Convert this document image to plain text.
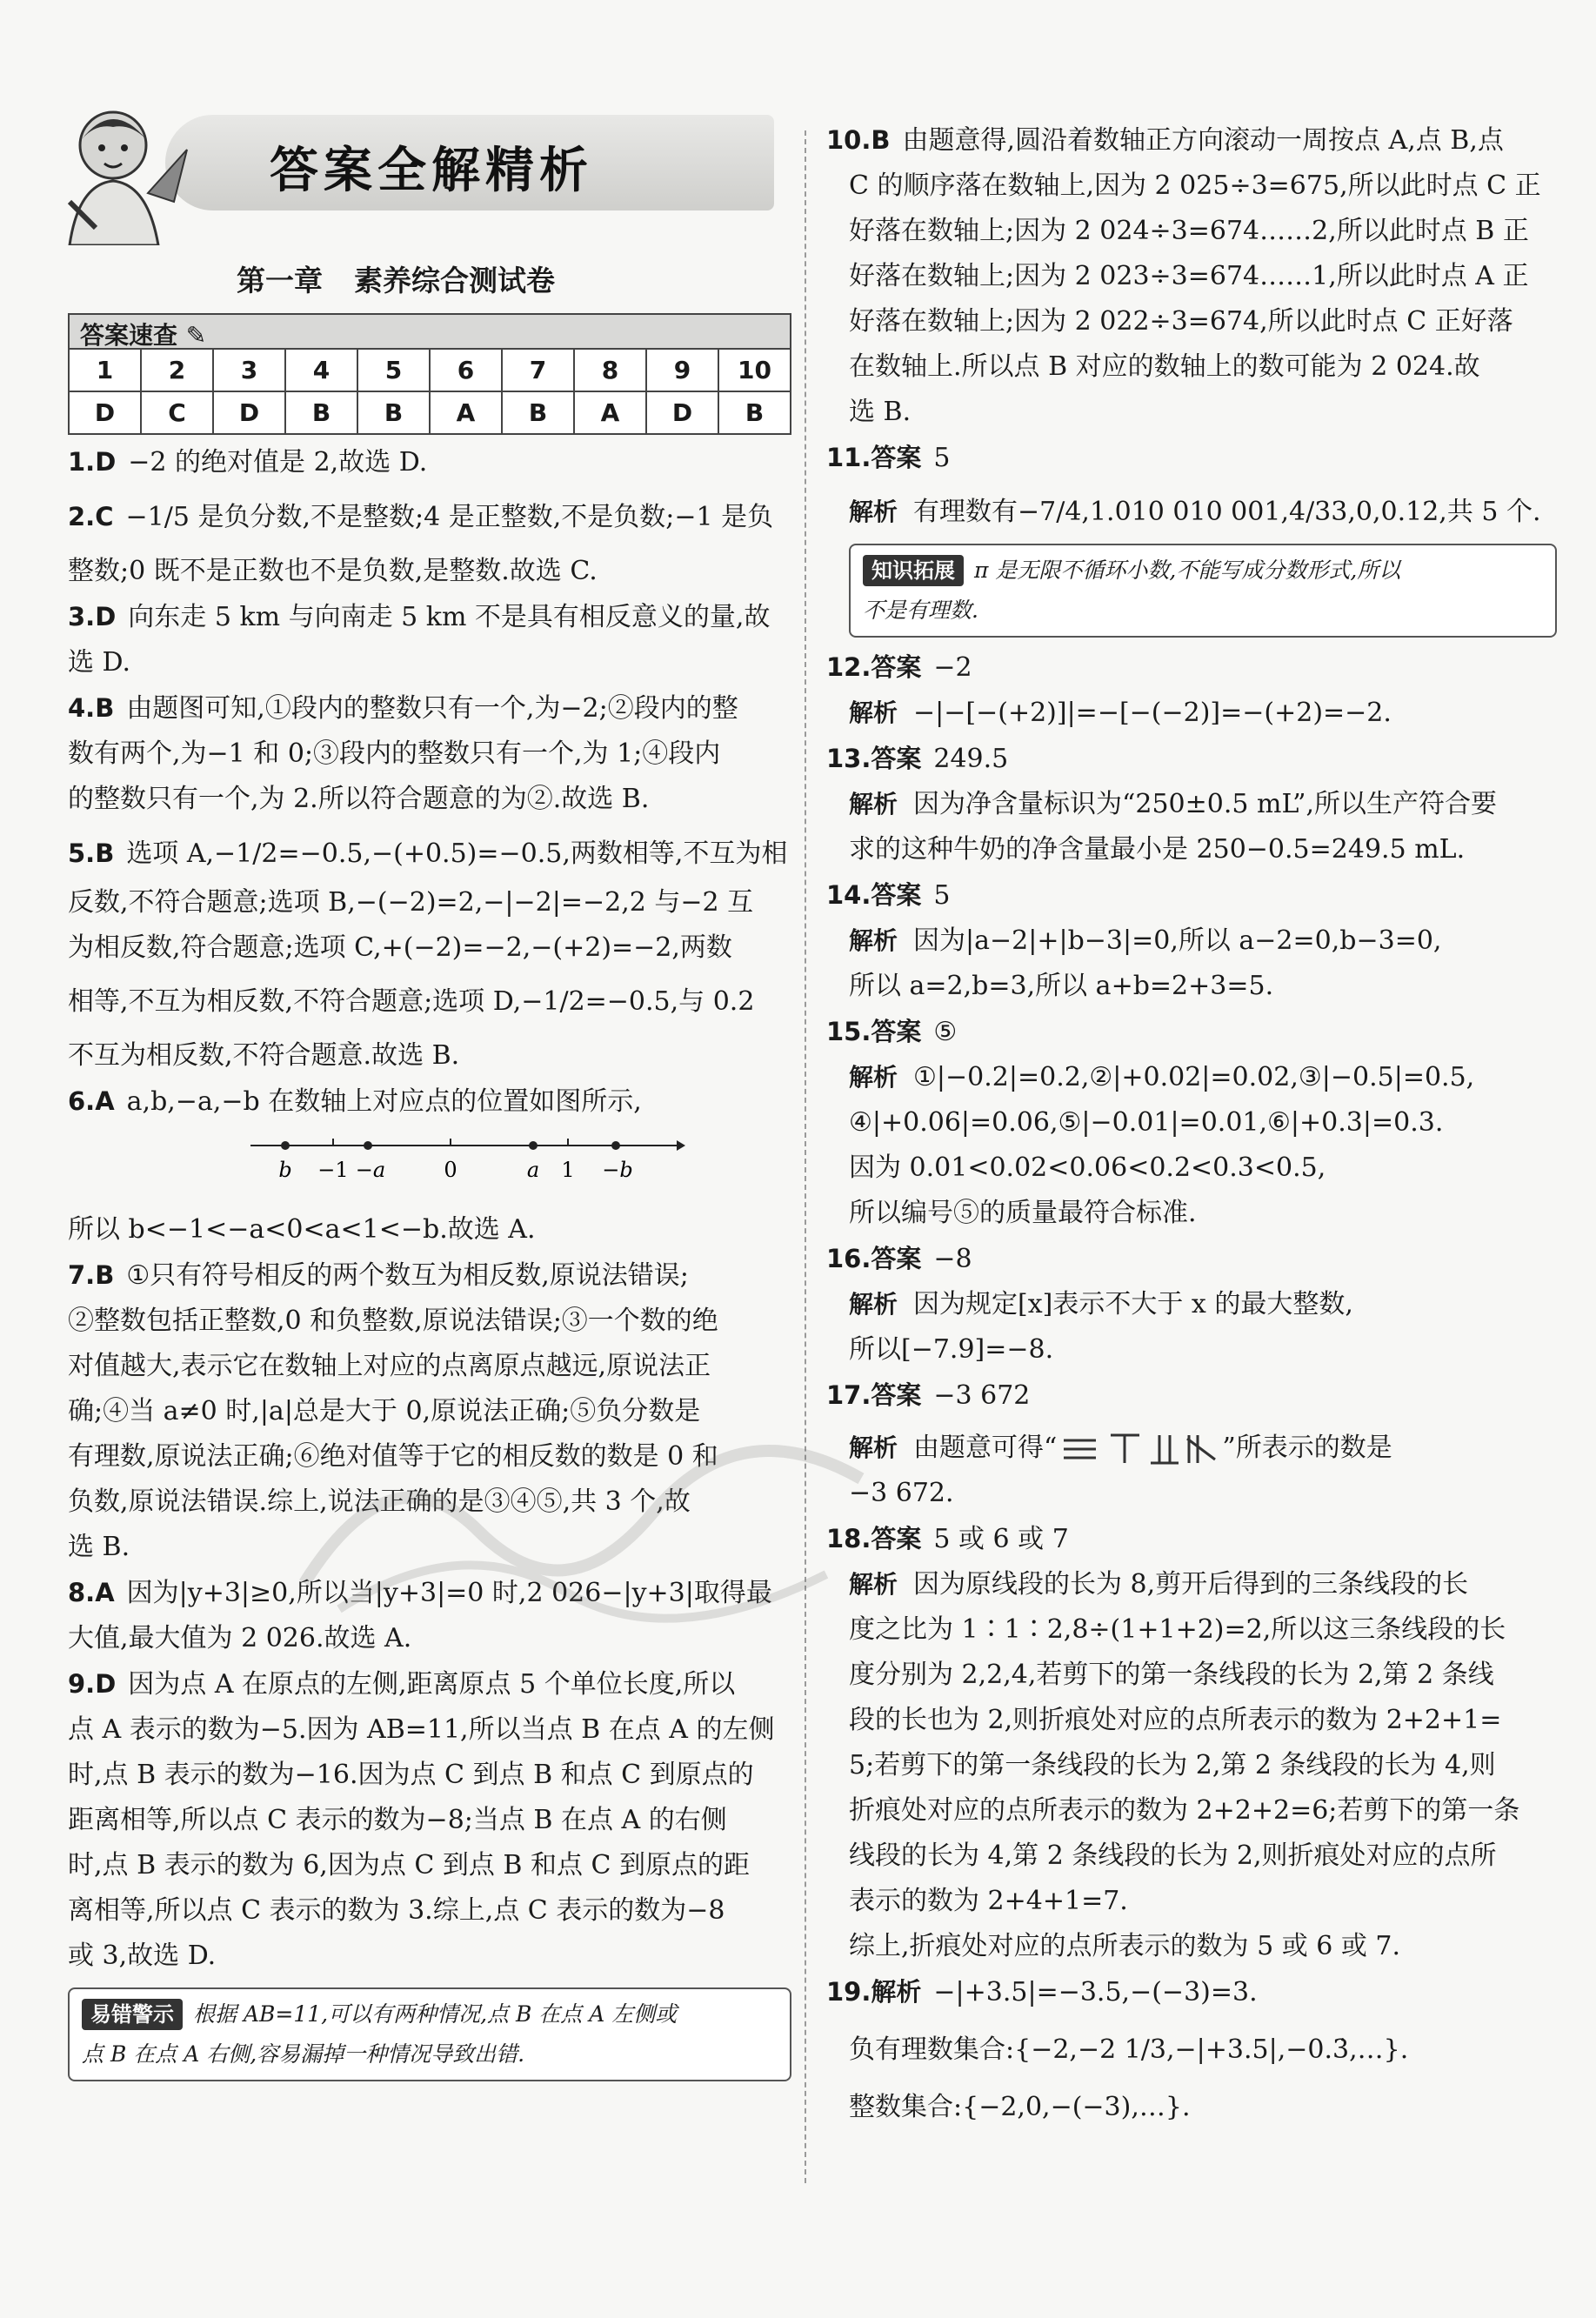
答案全解精析
第一章 素养综合测试卷
答案速查 ✎
1	2	3	4	5	6	7	8	9	10
D	C	D	B	B	A	B	A	D	B

1.D −2 的绝对值是 2,故选 D.

2.C −1/5 是负分数,不是整数;4 是正整数,不是负数;−1 是负

整数;0 既不是正数也不是负数,是整数.故选 C.

3.D 向东走 5 km 与向南走 5 km 不是具有相反意义的量,故

选 D.

4.B 由题图可知,①段内的整数只有一个,为−2;②段内的整

数有两个,为−1 和 0;③段内的整数只有一个,为 1;④段内

的整数只有一个,为 2.所以符合题意的为②.故选 B.

5.B 选项 A,−1/2=−0.5,−(+0.5)=−0.5,两数相等,不互为相

反数,不符合题意;选项 B,−(−2)=2,−|−2|=−2,2 与−2 互

为相反数,符合题意;选项 C,+(−2)=−2,−(+2)=−2,两数

相等,不互为相反数,不符合题意;选项 D,−1/2=−0.5,与 0.2

不互为相反数,不符合题意.故选 B.

6.A a,b,−a,−b 在数轴上对应点的位置如图所示,

b −1 −a	0	a 1 −b

所以 b<−1<−a<0<a<1<−b.故选 A.

7.B ①只有符号相反的两个数互为相反数,原说法错误;

②整数包括正整数,0 和负整数,原说法错误;③一个数的绝

对值越大,表示它在数轴上对应的点离原点越远,原说法正

确;④当 a≠0 时,|a|总是大于 0,原说法正确;⑤负分数是

有理数,原说法正确;⑥绝对值等于它的相反数的数是 0 和

负数,原说法错误.综上,说法正确的是③④⑤,共 3 个,故

选 B.

8.A 因为|y+3|≥0,所以当|y+3|=0 时,2 026−|y+3|取得最

大值,最大值为 2 026.故选 A.

9.D 因为点 A 在原点的左侧,距离原点 5 个单位长度,所以

点 A 表示的数为−5.因为 AB=11,所以当点 B 在点 A 的左侧

时,点 B 表示的数为−16.因为点 C 到点 B 和点 C 到原点的

距离相等,所以点 C 表示的数为−8;当点 B 在点 A 的右侧

时,点 B 表示的数为 6,因为点 C 到点 B 和点 C 到原点的距

离相等,所以点 C 表示的数为 3.综上,点 C 表示的数为−8

或 3,故选 D.

易错警示 根据 AB=11,可以有两种情况,点 B 在点 A 左侧或
点 B 在点 A 右侧,容易漏掉一种情况导致出错.

10.B 由题意得,圆沿着数轴正方向滚动一周按点 A,点 B,点

C 的顺序落在数轴上,因为 2 025÷3=675,所以此时点 C 正

好落在数轴上;因为 2 024÷3=674……2,所以此时点 B 正

好落在数轴上;因为 2 023÷3=674……1,所以此时点 A 正

好落在数轴上;因为 2 022÷3=674,所以此时点 C 正好落

在数轴上.所以点 B 对应的数轴上的数可能为 2 024.故

选 B.

11.答案 5

解析 有理数有−7/4,1.010 010 001,4/33,0,0.12̇,共 5 个.

知识拓展 π 是无限不循环小数,不能写成分数形式,所以
不是有理数.

12.答案 −2

解析 −|−[−(+2)]|=−[−(−2)]=−(+2)=−2.

13.答案 249.5

解析 因为净含量标识为“250±0.5 mL”,所以生产符合要

求的这种牛奶的净含量最小是 250−0.5=249.5 mL.

14.答案 5

解析 因为|a−2|+|b−3|=0,所以 a−2=0,b−3=0,

所以 a=2,b=3,所以 a+b=2+3=5.

15.答案 ⑤

解析 ①|−0.2|=0.2,②|+0.02|=0.02,③|−0.5|=0.5,

④|+0.06|=0.06,⑤|−0.01|=0.01,⑥|+0.3|=0.3.

因为 0.01<0.02<0.06<0.2<0.3<0.5,

所以编号⑤的质量最符合标准.

16.答案 −8

解析 因为规定[x]表示不大于 x 的最大整数,

所以[−7.9]=−8.

17.答案 −3 672

解析 由题意可得“	”所表示的数是

−3 672.

18.答案 5 或 6 或 7

解析 因为原线段的长为 8,剪开后得到的三条线段的长

度之比为 1∶1∶2,8÷(1+1+2)=2,所以这三条线段的长

度分别为 2,2,4,若剪下的第一条线段的长为 2,第 2 条线

段的长也为 2,则折痕处对应的点所表示的数为 2+2+1=

5;若剪下的第一条线段的长为 2,第 2 条线段的长为 4,则

折痕处对应的点所表示的数为 2+2+2=6;若剪下的第一条

线段的长为 4,第 2 条线段的长为 2,则折痕处对应的点所

表示的数为 2+4+1=7.

综上,折痕处对应的点所表示的数为 5 或 6 或 7.

19.解析 −|+3.5|=−3.5,−(−3)=3.

负有理数集合:{−2,−2 1/3,−|+3.5|,−0.3̇,…}.

整数集合:{−2,0,−(−3),…}.
